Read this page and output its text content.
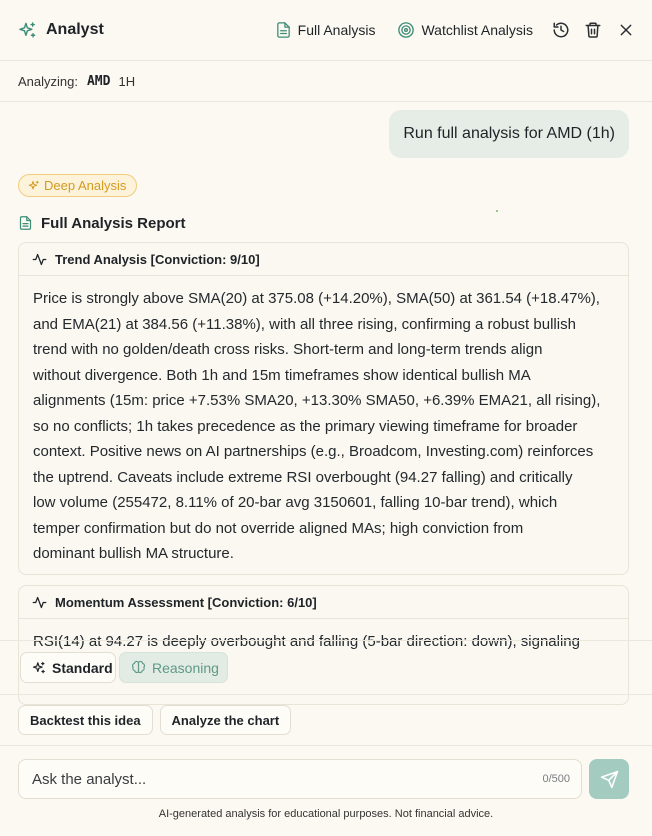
Analyst	Full Analysis	Watchlist Analysis
Analyzing: AMD 1H
Run full analysis for AMD (1h)
Deep Analysis
Full Analysis Report
Trend Analysis [Conviction: 9/10]
Price is strongly above SMA(20) at 375.08 (+14.20%), SMA(50) at 361.54 (+18.47%),
and EMA(21) at 384.56 (+11.38%), with all three rising, confirming a robust bullish
trend with no golden/death cross risks. Short-term and long-term trends align
without divergence. Both 1h and 15m timeframes show identical bullish MA
alignments (15m: price +7.53% SMA20, +13.30% SMA50, +6.39% EMA21, all rising),
so no conflicts; 1h takes precedence as the primary viewing timeframe for broader
context. Positive news on AI partnerships (e.g., Broadcom, Investing.com) reinforces
the uptrend. Caveats include extreme RSI overbought (94.27 falling) and critically
low volume (255472, 8.11% of 20-bar avg 3150601, falling 10-bar trend), which
temper confirmation but do not override aligned MAs; high conviction from
dominant bullish MA structure.
Momentum Assessment [Conviction: 6/10]
RSI(14) at 94.27 is deeply overbought and falling (5-bar direction: down), signaling
Standard	Reasoning
Backtest this idea	Analyze the chart
Ask the analyst...
0/500
AI-generated analysis for educational purposes. Not financial advice.
